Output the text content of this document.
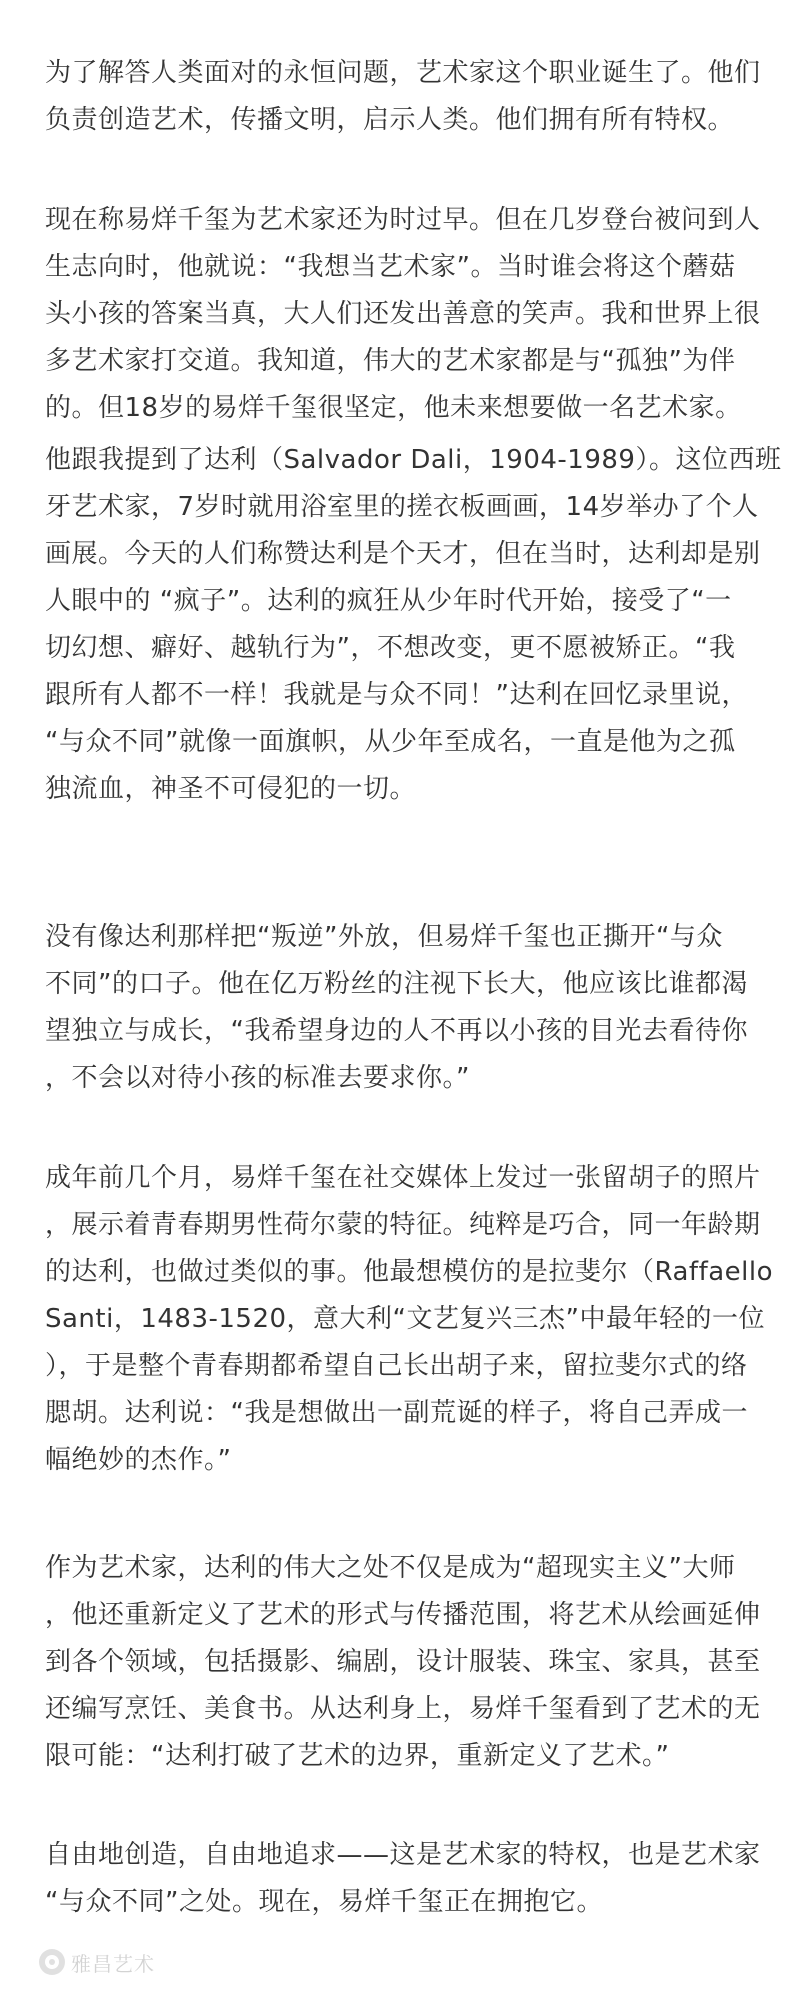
为了解答人类面对的永恒问题，艺术家这个职业诞生了。他们
负责创造艺术，传播文明，启示人类。他们拥有所有特权。

现在称易烊千玺为艺术家还为时过早。但在几岁登台被问到人
生志向时，他就说：“我想当艺术家”。当时谁会将这个蘑菇
头小孩的答案当真，大人们还发出善意的笑声。我和世界上很
多艺术家打交道。我知道，伟大的艺术家都是与“孤独”为伴
的。但18岁的易烊千玺很坚定，他未来想要做一名艺术家。

他跟我提到了达利（Salvador Dali，1904-1989）。这位西班
牙艺术家，7岁时就用浴室里的搓衣板画画，14岁举办了个人
画展。今天的人们称赞达利是个天才，但在当时，达利却是别
人眼中的 “疯子”。达利的疯狂从少年时代开始，接受了“一
切幻想、癖好、越轨行为”，不想改变，更不愿被矫正。“我
跟所有人都不一样！我就是与众不同！”达利在回忆录里说，
“与众不同”就像一面旗帜，从少年至成名，一直是他为之孤
独流血，神圣不可侵犯的一切。

没有像达利那样把“叛逆”外放，但易烊千玺也正撕开“与众
不同”的口子。他在亿万粉丝的注视下长大，他应该比谁都渴
望独立与成长，“我希望身边的人不再以小孩的目光去看待你
，不会以对待小孩的标准去要求你。”

成年前几个月，易烊千玺在社交媒体上发过一张留胡子的照片
，展示着青春期男性荷尔蒙的特征。纯粹是巧合，同一年龄期
的达利，也做过类似的事。他最想模仿的是拉斐尔（Raffaello
Santi，1483-1520，意大利“文艺复兴三杰”中最年轻的一位
），于是整个青春期都希望自己长出胡子来，留拉斐尔式的络
腮胡。达利说：“我是想做出一副荒诞的样子，将自己弄成一
幅绝妙的杰作。”

作为艺术家，达利的伟大之处不仅是成为“超现实主义”大师
，他还重新定义了艺术的形式与传播范围，将艺术从绘画延伸
到各个领域，包括摄影、编剧，设计服装、珠宝、家具，甚至
还编写烹饪、美食书。从达利身上，易烊千玺看到了艺术的无
限可能：“达利打破了艺术的边界，重新定义了艺术。”

自由地创造，自由地追求——这是艺术家的特权，也是艺术家
“与众不同”之处。现在，易烊千玺正在拥抱它。

雅昌艺术
